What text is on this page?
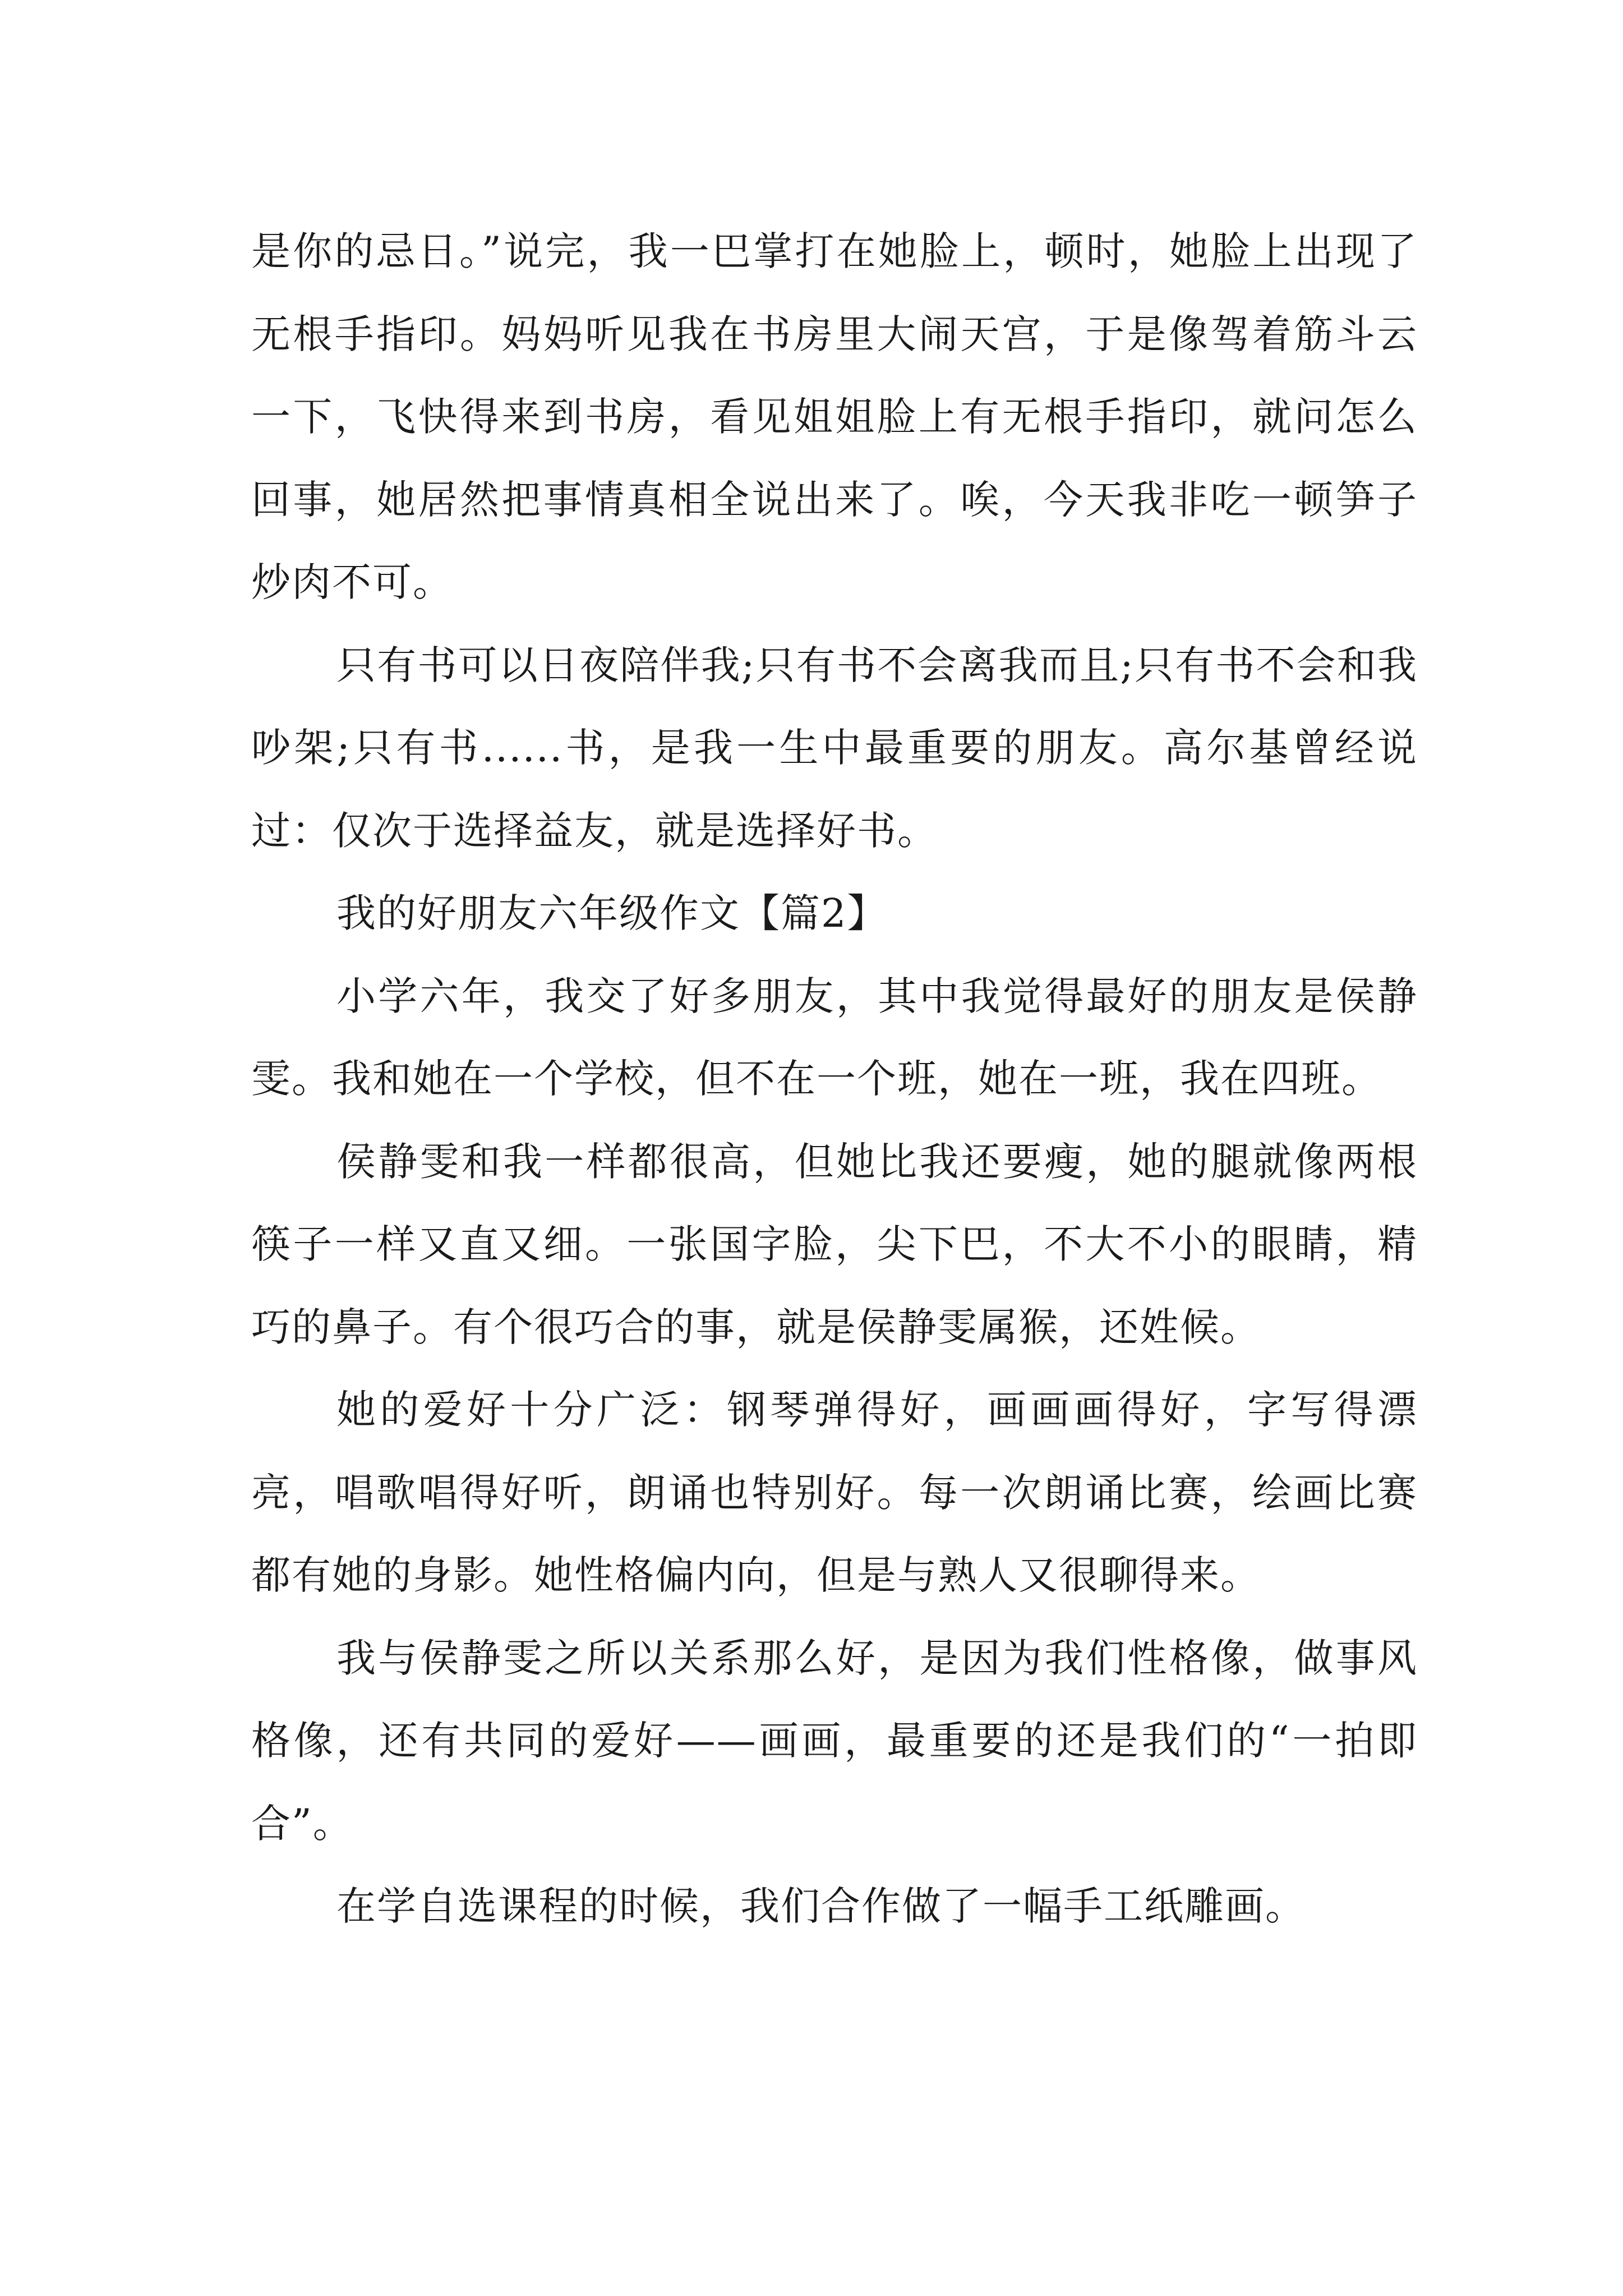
是你的忌日。”说完，我一巴掌打在她脸上，顿时，她脸上出现了无根手指印。妈妈听见我在书房里大闹天宫，于是像驾着筋斗云一下，飞快得来到书房，看见姐姐脸上有无根手指印，就问怎么回事，她居然把事情真相全说出来了。唉，今天我非吃一顿笋子炒肉不可。

只有书可以日夜陪伴我;只有书不会离我而且;只有书不会和我吵架;只有书......书，是我一生中最重要的朋友。高尔基曾经说过：仅次于选择益友，就是选择好书。

我的好朋友六年级作文【篇2】

小学六年，我交了好多朋友，其中我觉得最好的朋友是侯静雯。我和她在一个学校，但不在一个班，她在一班，我在四班。

侯静雯和我一样都很高，但她比我还要瘦，她的腿就像两根筷子一样又直又细。一张国字脸，尖下巴，不大不小的眼睛，精巧的鼻子。有个很巧合的事，就是侯静雯属猴，还姓候。

她的爱好十分广泛：钢琴弹得好，画画画得好，字写得漂亮，唱歌唱得好听，朗诵也特别好。每一次朗诵比赛，绘画比赛都有她的身影。她性格偏内向，但是与熟人又很聊得来。

我与侯静雯之所以关系那么好，是因为我们性格像，做事风格像，还有共同的爱好——画画，最重要的还是我们的“一拍即合”。

在学自选课程的时候，我们合作做了一幅手工纸雕画。
